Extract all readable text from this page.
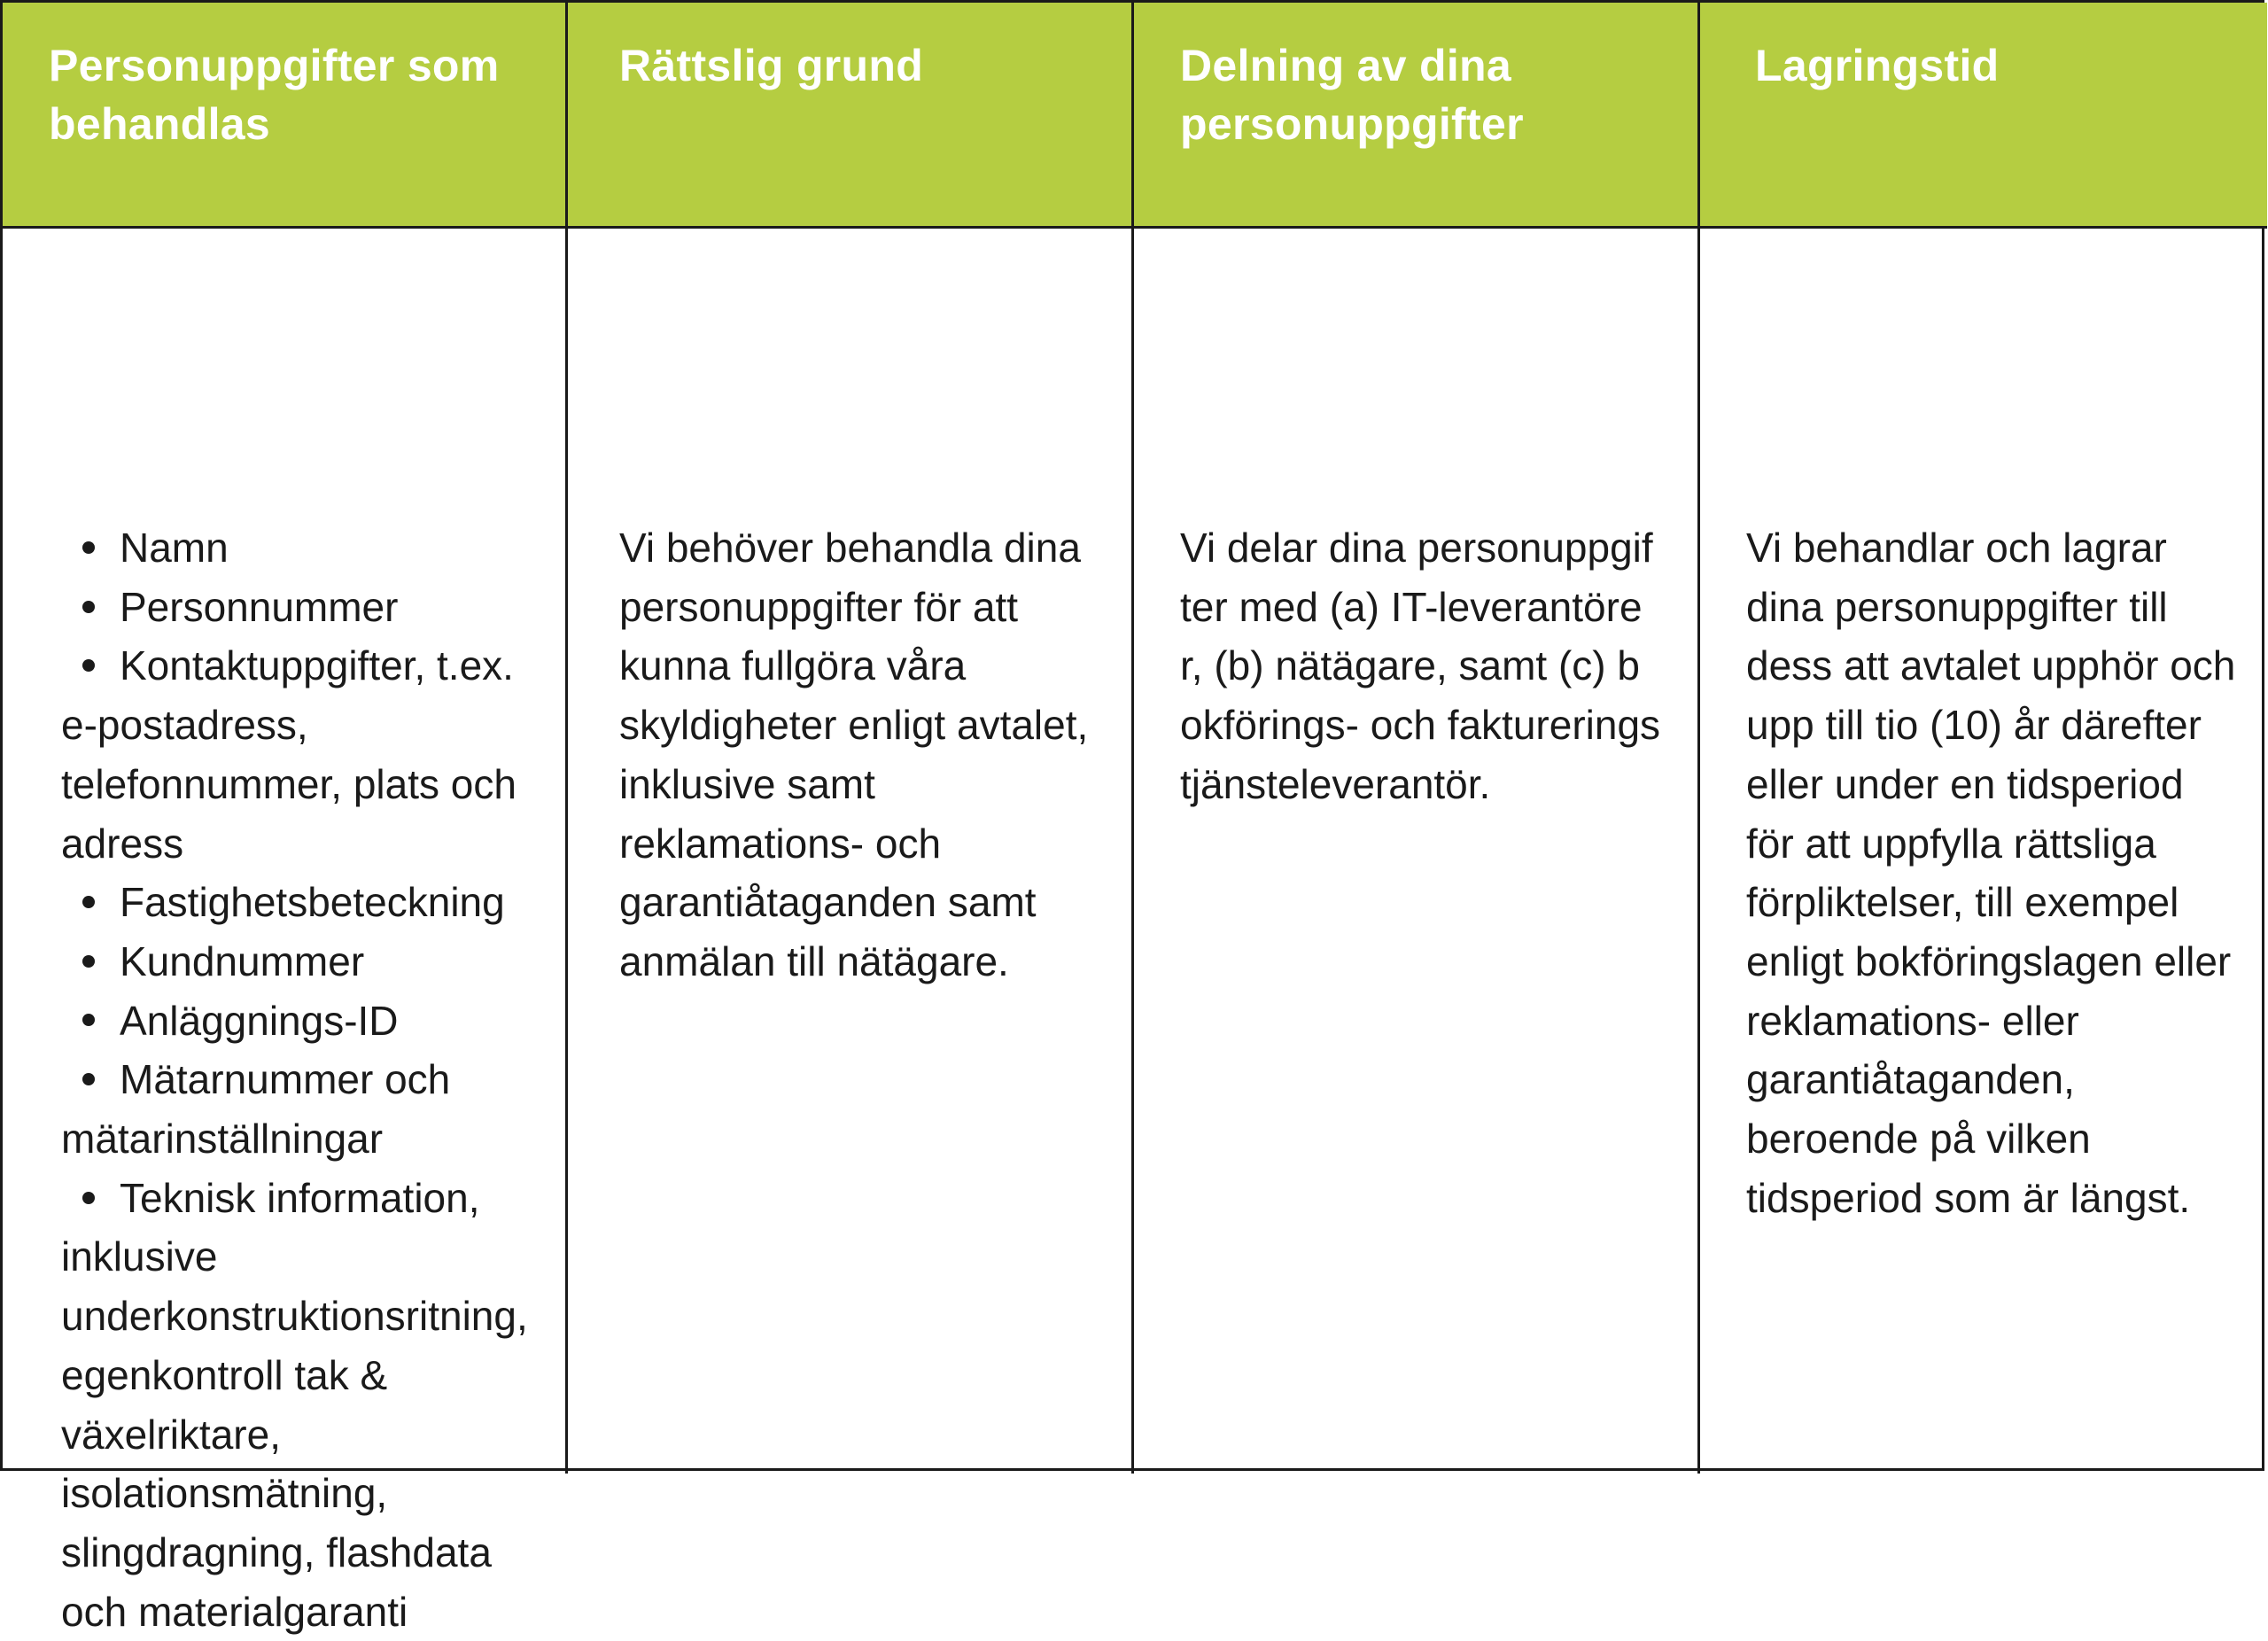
Personuppgifter som behandlas
Rättslig grund	Delning av dina personuppgifter
Lagringstid
Namn
Personnummer
Kontaktuppgifter, t.ex. e-postadress, telefonnummer, plats och adress
Fastighetsbeteckning
Kundnummer
Anläggnings-ID
Mätarnummer och mätarinställningar
Teknisk information, inklusive underkonstruktionsritning, egenkontroll tak & växelriktare, isolationsmätning, slingdragning, flashdata och materialgaranti

Vi behöver behandla dina personuppgifter för att kunna fullgöra våra skyldigheter enligt avtalet, inklusive samt reklamations- och garantiåtaganden samt anmälan till nätägare.

Vi delar dina personuppgifter med (a) IT-leverantörer, (b) nätägare, samt (c) bokförings- och faktureringstjänsteleverantör.

Vi behandlar och lagrar dina personuppgifter till dess att avtalet upphör och upp till tio (10) år därefter eller under en tidsperiod för att uppfylla rättsliga förpliktelser, till exempel enligt bokföringslagen eller reklamations- eller garantiåtaganden, beroende på vilken tidsperiod som är längst.
